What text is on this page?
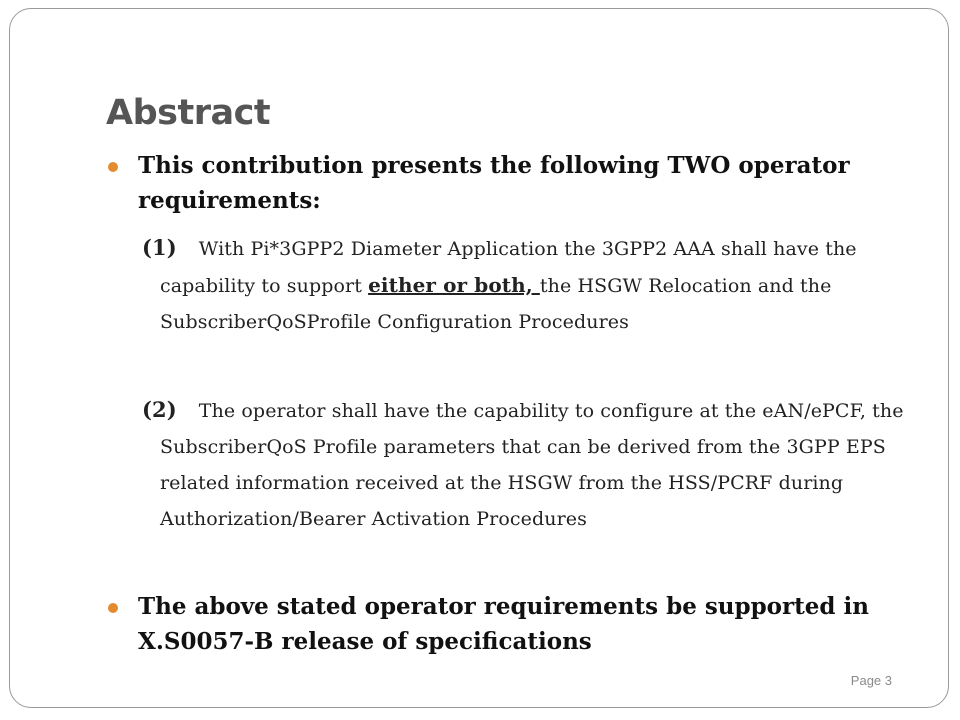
Abstract

This contribution presents the following TWO operator requirements:

(1) With Pi*3GPP2 Diameter Application the 3GPP2 AAA shall have the capability to support either or both, the HSGW Relocation and the SubscriberQoSProfile Configuration Procedures

(2) The operator shall have the capability to configure at the eAN/ePCF, the SubscriberQoS Profile parameters that can be derived from the 3GPP EPS related information received at the HSGW from the HSS/PCRF during Authorization/Bearer Activation Procedures

The above stated operator requirements be supported in X.S0057-B release of specifications

Page 3
